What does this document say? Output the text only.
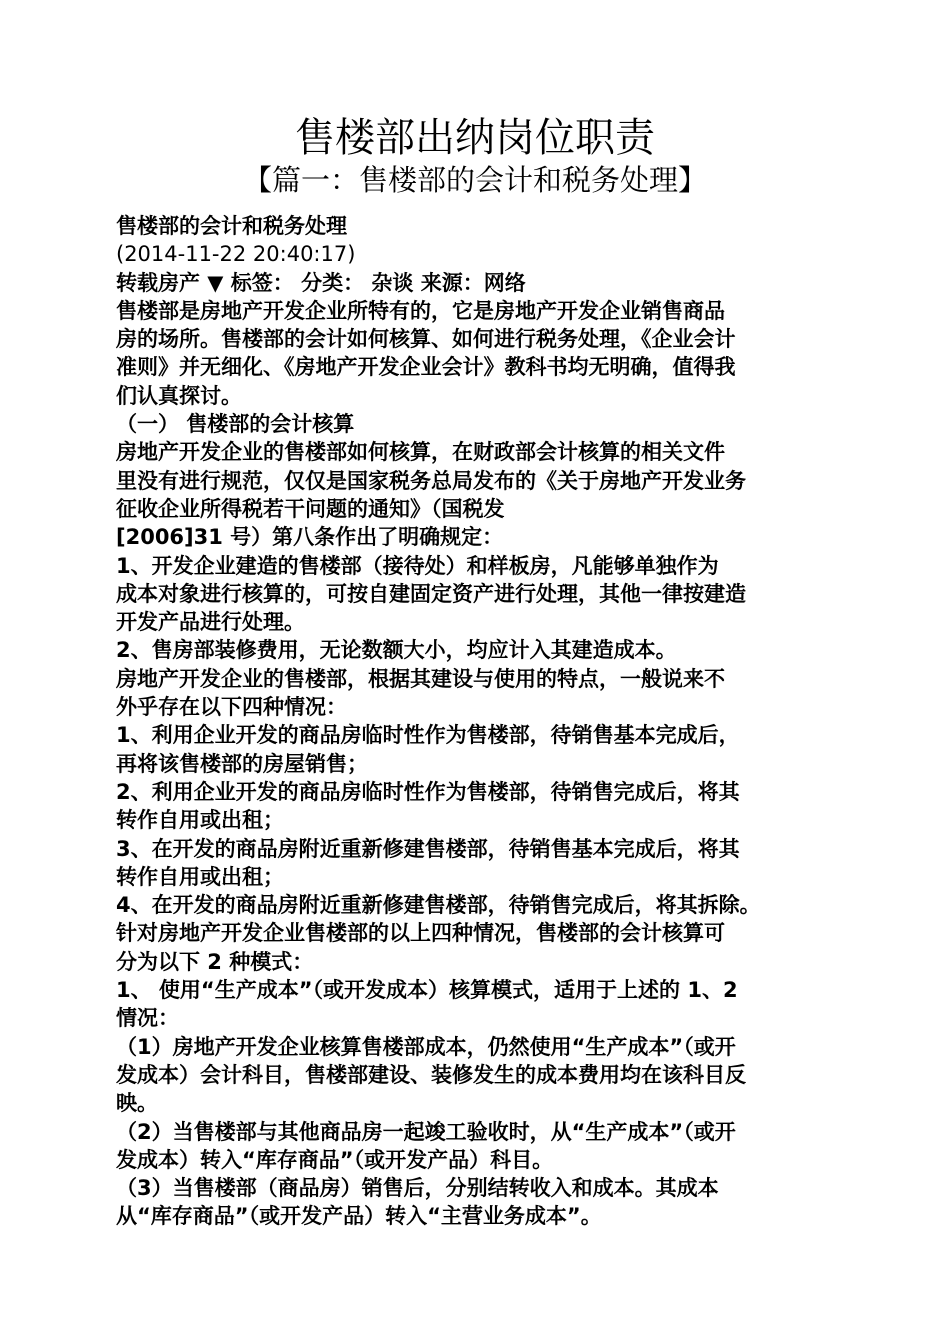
售楼部出纳岗位职责
【篇一：售楼部的会计和税务处理】

售楼部的会计和税务处理

(2014-11-22 20:40:17)

转载房产 ▼ 标签： 分类： 杂谈 来源：网络

售楼部是房地产开发企业所特有的，它是房地产开发企业销售商品

房的场所。售楼部的会计如何核算、如何进行税务处理，《企业会计

准则》并无细化、《房地产开发企业会计》教科书均无明确，值得我

们认真探讨。

（一） 售楼部的会计核算

房地产开发企业的售楼部如何核算，在财政部会计核算的相关文件

里没有进行规范，仅仅是国家税务总局发布的《关于房地产开发业务

征收企业所得税若干问题的通知》（国税发

[2006]31 号）第八条作出了明确规定：

1、开发企业建造的售楼部（接待处）和样板房，凡能够单独作为

成本对象进行核算的，可按自建固定资产进行处理，其他一律按建造

开发产品进行处理。

2、售房部装修费用，无论数额大小，均应计入其建造成本。

房地产开发企业的售楼部，根据其建设与使用的特点，一般说来不

外乎存在以下四种情况：

1、利用企业开发的商品房临时性作为售楼部，待销售基本完成后，

再将该售楼部的房屋销售；

2、利用企业开发的商品房临时性作为售楼部，待销售完成后，将其

转作自用或出租；

3、在开发的商品房附近重新修建售楼部，待销售基本完成后，将其

转作自用或出租；

4、在开发的商品房附近重新修建售楼部，待销售完成后，将其拆除。

针对房地产开发企业售楼部的以上四种情况，售楼部的会计核算可

分为以下 2 种模式：

1、 使用“生产成本”（或开发成本）核算模式，适用于上述的 1、2

情况：

（1）房地产开发企业核算售楼部成本，仍然使用“生产成本”（或开

发成本）会计科目，售楼部建设、装修发生的成本费用均在该科目反

映。

（2）当售楼部与其他商品房一起竣工验收时，从“生产成本”（或开

发成本）转入“库存商品”（或开发产品）科目。

（3）当售楼部（商品房）销售后，分别结转收入和成本。其成本

从“库存商品”（或开发产品）转入“主营业务成本”。
